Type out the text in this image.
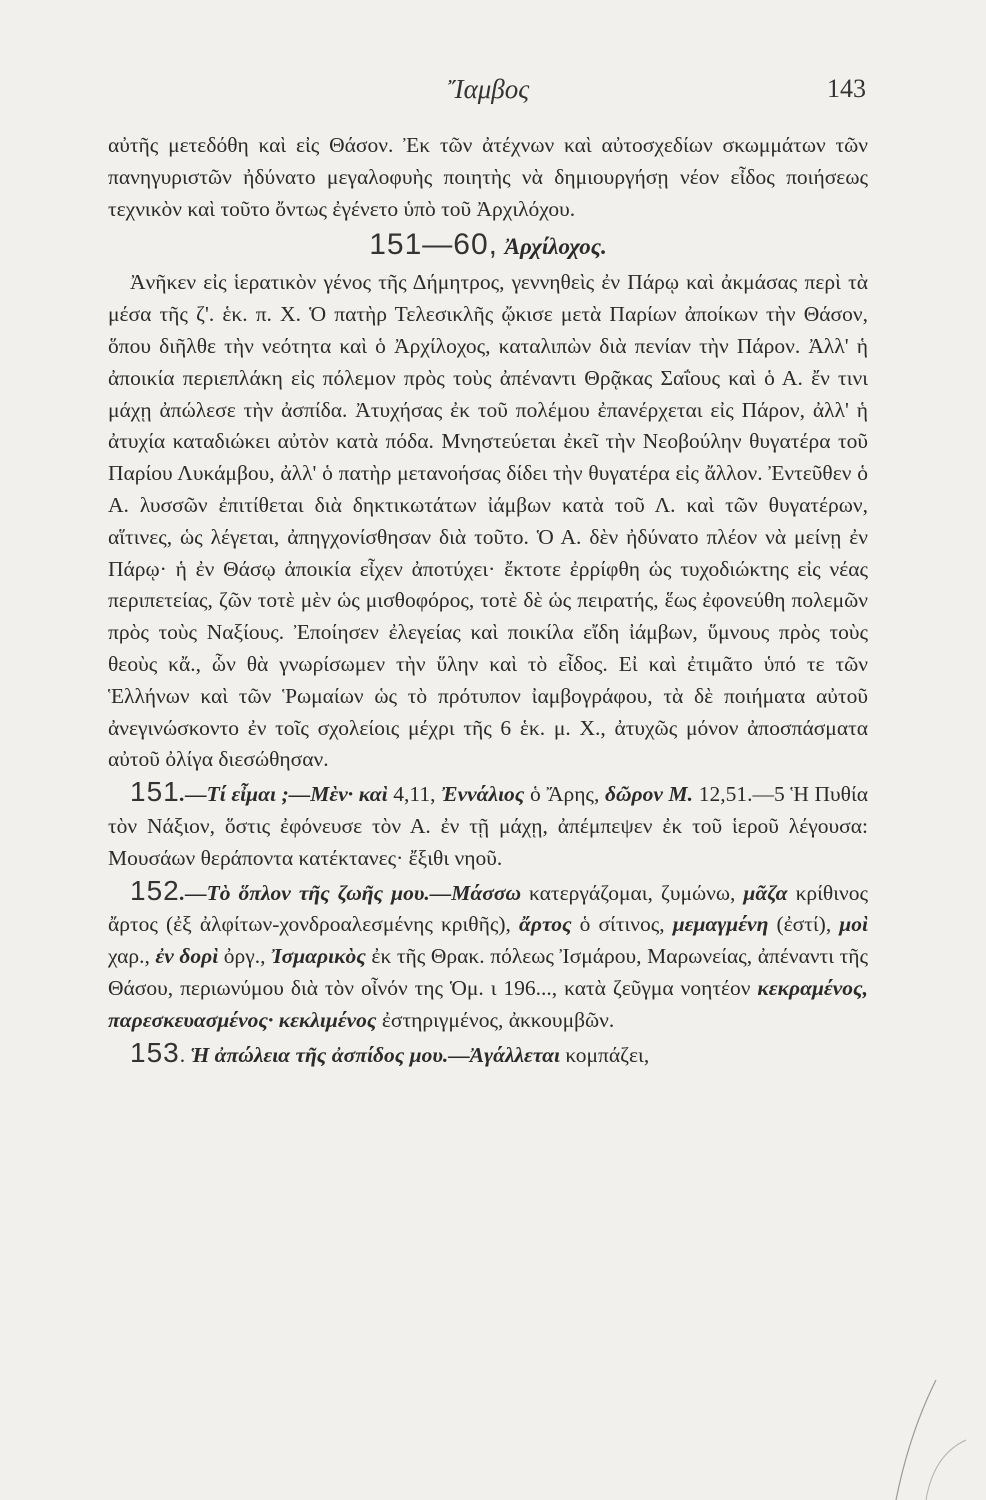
Ἴαμβος	143

αὐτῆς μετεδόθη καὶ εἰς Θάσον. Ἐκ τῶν ἀτέχνων καὶ αὐτοσχεδίων σκωμμάτων τῶν πανηγυριστῶν ἠδύνατο μεγαλοφυὴς ποιητὴς νὰ δημιουργήσῃ νέον εἶδος ποιήσεως τεχνικὸν καὶ τοῦτο ὄντως ἐγένετο ὑπὸ τοῦ Ἀρχιλόχου.

151—60, Ἀρχίλοχος.

Ἀνῆκεν εἰς ἱερατικὸν γένος τῆς Δήμητρος, γεννηθεὶς ἐν Πάρῳ καὶ ἀκμάσας περὶ τὰ μέσα τῆς ζ'. ἑκ. π. Χ. Ὁ πατὴρ Τελεσικλῆς ᾤκισε μετὰ Παρίων ἀποίκων τὴν Θάσον, ὅπου διῆλθε τὴν νεότητα καὶ ὁ Ἀρχίλοχος, καταλιπὼν διὰ πενίαν τὴν Πάρον. Ἀλλ' ἡ ἀποικία περιεπλάκη εἰς πόλεμον πρὸς τοὺς ἀπέναντι Θρᾷκας Σαΐους καὶ ὁ Α. ἔν τινι μάχῃ ἀπώλεσε τὴν ἀσπίδα. Ἀτυχήσας ἐκ τοῦ πολέμου ἐπανέρχεται εἰς Πάρον, ἀλλ' ἡ ἀτυχία καταδιώκει αὐτὸν κατὰ πόδα. Μνηστεύεται ἐκεῖ τὴν Νεοβούλην θυγατέρα τοῦ Παρίου Λυκάμβου, ἀλλ' ὁ πατὴρ μετανοήσας δίδει τὴν θυγατέρα εἰς ἄλλον. Ἐντεῦθεν ὁ Α. λυσσῶν ἐπιτίθεται διὰ δηκτικωτάτων ἰάμβων κατὰ τοῦ Λ. καὶ τῶν θυγατέρων, αἵτινες, ὡς λέγεται, ἀπηγχονίσθησαν διὰ τοῦτο. Ὁ Α. δὲν ἠδύνατο πλέον νὰ μείνῃ ἐν Πάρῳ· ἡ ἐν Θάσῳ ἀποικία εἶχεν ἀποτύχει· ἔκτοτε ἐρρίφθη ὡς τυχοδιώκτης εἰς νέας περιπετείας, ζῶν τοτὲ μὲν ὡς μισθοφόρος, τοτὲ δὲ ὡς πειρατής, ἕως ἐφονεύθη πολεμῶν πρὸς τοὺς Ναξίους. Ἐποίησεν ἐλεγείας καὶ ποικίλα εἴδη ἰάμβων, ὕμνους πρὸς τοὺς θεοὺς κἄ., ὧν θὰ γνωρίσωμεν τὴν ὕλην καὶ τὸ εἶδος. Εἰ καὶ ἐτιμᾶτο ὑπό τε τῶν Ἑλλήνων καὶ τῶν Ῥωμαίων ὡς τὸ πρότυπον ἰαμβογράφου, τὰ δὲ ποιήματα αὐτοῦ ἀνεγινώσκοντο ἐν τοῖς σχολείοις μέχρι τῆς 6 ἑκ. μ. Χ., ἀτυχῶς μόνον ἀποσπάσματα αὐτοῦ ὀλίγα διεσώθησαν.

151.—Τί εἶμαι ;—Μὲν· καὶ 4,11, Ἐννάλιος ὁ Ἄρης, δῶρον Μ. 12,51.—5 Ἡ Πυθία τὸν Νάξιον, ὅστις ἐφόνευσε τὸν Α. ἐν τῇ μάχῃ, ἀπέμπεψεν ἐκ τοῦ ἱεροῦ λέγουσα: Μουσάων θεράποντα κατέκτανες· ἔξιθι νηοῦ.

152.—Τὸ ὅπλον τῆς ζωῆς μου.—Μάσσω κατεργάζομαι, ζυμώνω, μᾶζα κρίθινος ἄρτος (ἐξ ἀλφίτων-χονδροαλεσμένης κριθῆς), ἄρτος ὁ σίτινος, μεμαγμένη (ἐστί), μοὶ χαρ., ἐν δορὶ ὀργ., Ἰσμαρικὸς ἐκ τῆς Θρακ. πόλεως Ἰσμάρου, Μαρωνείας, ἀπέναντι τῆς Θάσου, περιωνύμου διὰ τὸν οἶνόν της Ὁμ. ι 196..., κατὰ ζεῦγμα νοητέον κεκραμένος, παρεσκευασμένος· κεκλιμένος ἐστηριγμένος, ἀκκουμβῶν.

153. Ἡ ἀπώλεια τῆς ἀσπίδος μου.—Ἀγάλλεται κομπάζει,
